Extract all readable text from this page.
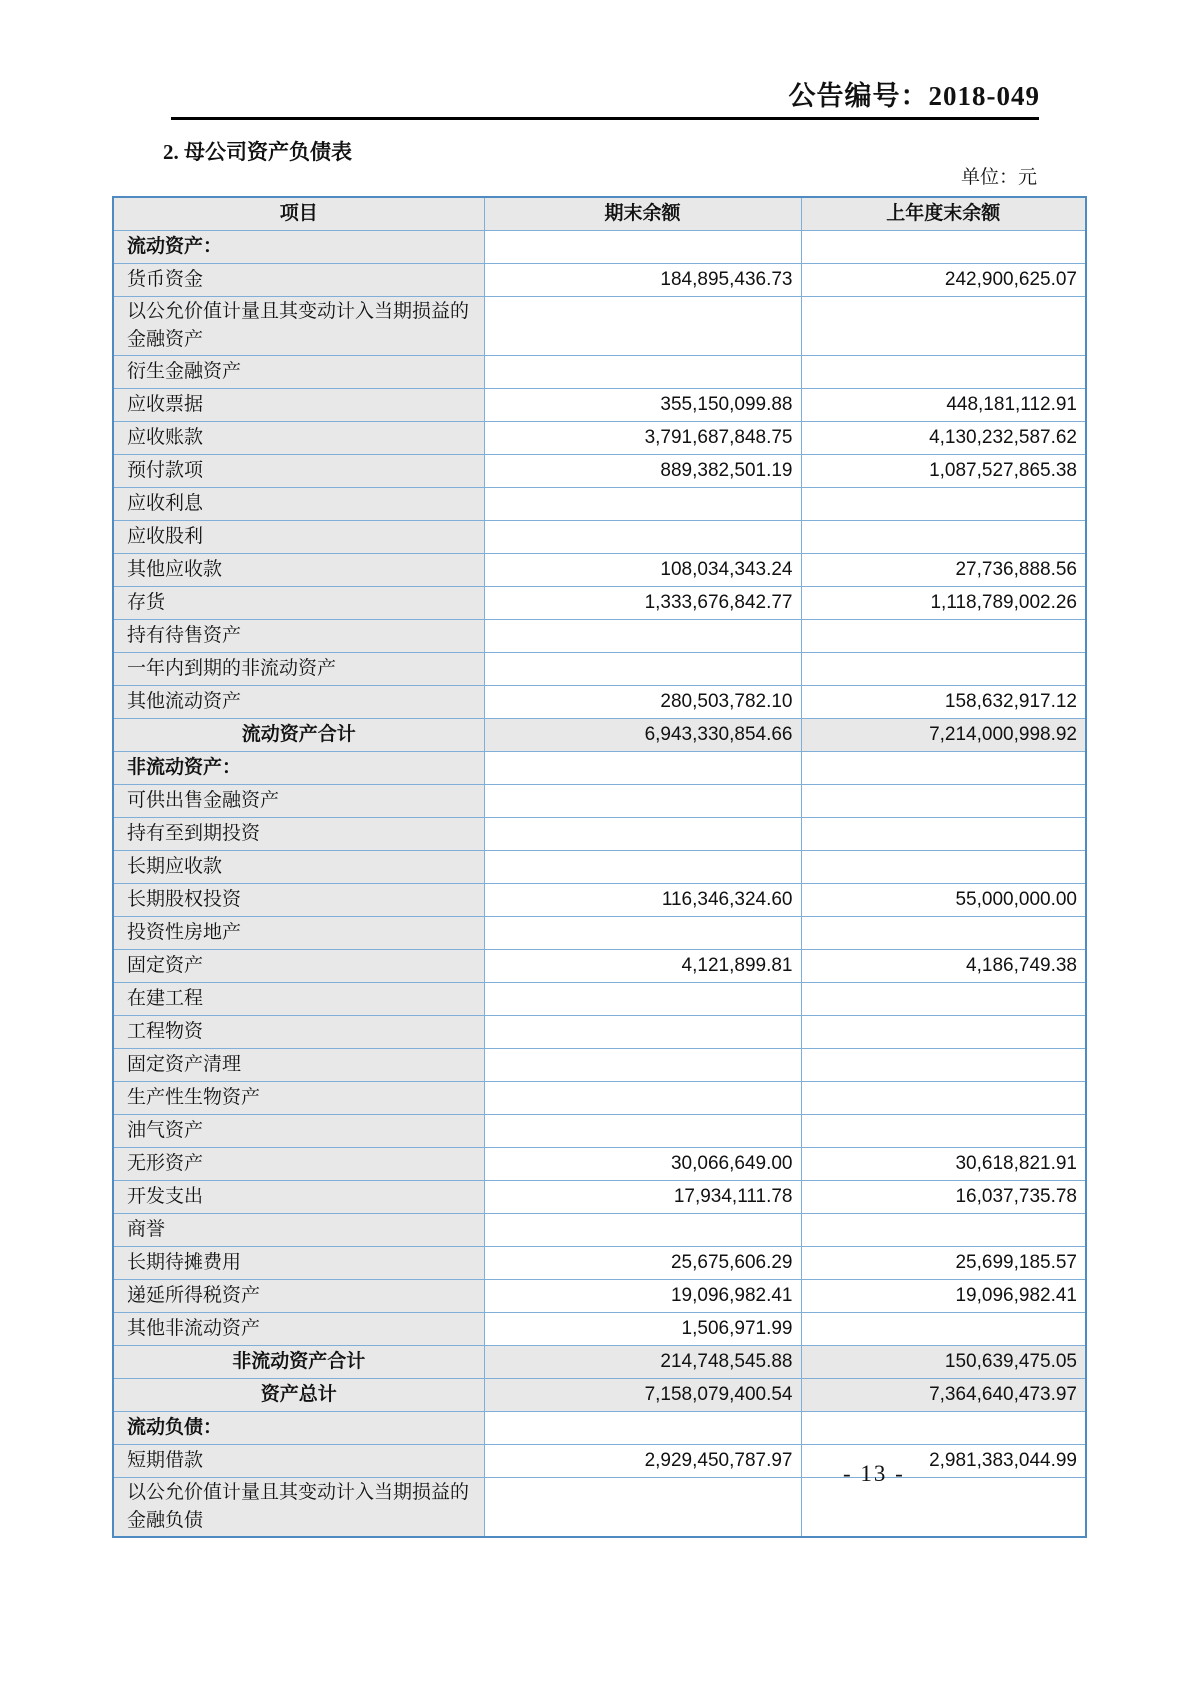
公告编号：2018-049
2. 母公司资产负债表
单位：元
项目	期末余额	上年度末余额
流动资产：		
货币资金	184,895,436.73	242,900,625.07
以公允价值计量且其变动计入当期损益的金融资产		
衍生金融资产		
应收票据	355,150,099.88	448,181,112.91
应收账款	3,791,687,848.75	4,130,232,587.62
预付款项	889,382,501.19	1,087,527,865.38
应收利息		
应收股利		
其他应收款	108,034,343.24	27,736,888.56
存货	1,333,676,842.77	1,118,789,002.26
持有待售资产		
一年内到期的非流动资产		
其他流动资产	280,503,782.10	158,632,917.12
流动资产合计	6,943,330,854.66	7,214,000,998.92
非流动资产：		
可供出售金融资产		
持有至到期投资		
长期应收款		
长期股权投资	116,346,324.60	55,000,000.00
投资性房地产		
固定资产	4,121,899.81	4,186,749.38
在建工程		
工程物资		
固定资产清理		
生产性生物资产		
油气资产		
无形资产	30,066,649.00	30,618,821.91
开发支出	17,934,111.78	16,037,735.78
商誉		
长期待摊费用	25,675,606.29	25,699,185.57
递延所得税资产	19,096,982.41	19,096,982.41
其他非流动资产	1,506,971.99	
非流动资产合计	214,748,545.88	150,639,475.05
资产总计	7,158,079,400.54	7,364,640,473.97
流动负债：		
短期借款	2,929,450,787.97	2,981,383,044.99
以公允价值计量且其变动计入当期损益的金融负债		
- 13 -
